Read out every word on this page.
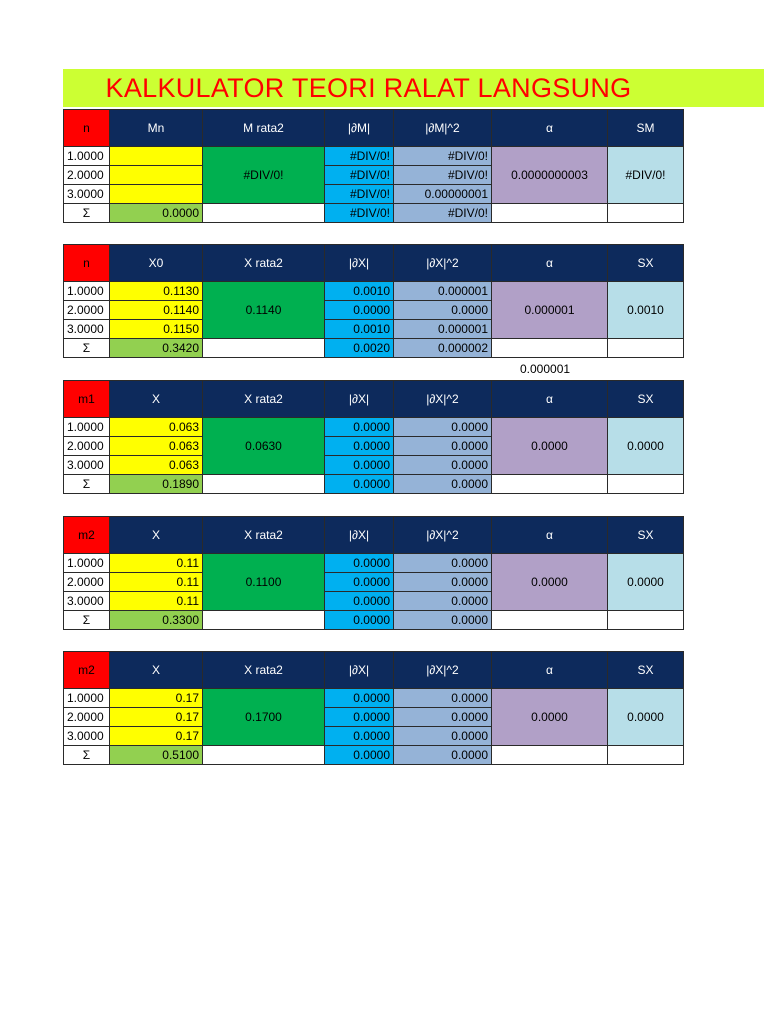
KALKULATOR TEORI RALAT LANGSUNG
0.000001
n	Mn	M rata2	|∂M|	|∂M|^2	α	SM
1.0000		#DIV/0!	#DIV/0!	#DIV/0!	0.0000000003	#DIV/0!
2.0000			#DIV/0!	#DIV/0!		
3.0000			#DIV/0!	0.00000001		
Σ	0.0000		#DIV/0!	#DIV/0!		
n	X0	X rata2	|∂X|	|∂X|^2	α	SX
1.0000	0.1130	0.1140	0.0010	0.000001	0.000001	0.0010
2.0000	0.1140		0.0000	0.0000		
3.0000	0.1150		0.0010	0.000001		
Σ	0.3420		0.0020	0.000002		
m1	X	X rata2	|∂X|	|∂X|^2	α	SX
1.0000	0.063	0.0630	0.0000	0.0000	0.0000	0.0000
2.0000	0.063		0.0000	0.0000		
3.0000	0.063		0.0000	0.0000		
Σ	0.1890		0.0000	0.0000		
m2	X	X rata2	|∂X|	|∂X|^2	α	SX
1.0000	0.11	0.1100	0.0000	0.0000	0.0000	0.0000
2.0000	0.11		0.0000	0.0000		
3.0000	0.11		0.0000	0.0000		
Σ	0.3300		0.0000	0.0000		
m2	X	X rata2	|∂X|	|∂X|^2	α	SX
1.0000	0.17	0.1700	0.0000	0.0000	0.0000	0.0000
2.0000	0.17		0.0000	0.0000		
3.0000	0.17		0.0000	0.0000		
Σ	0.5100		0.0000	0.0000		
